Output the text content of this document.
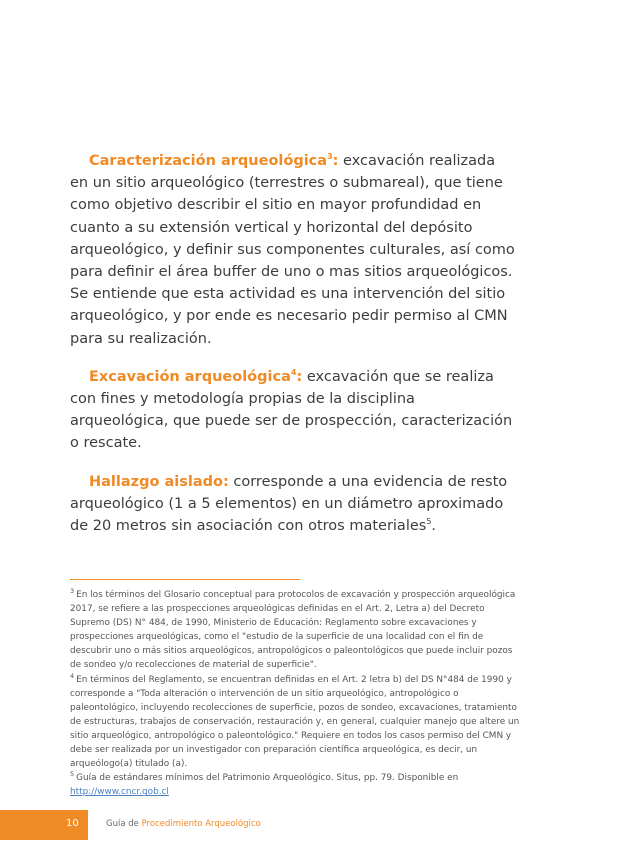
Caracterización arqueológica$^3$: excavación realizada en un sitio arqueológico (terrestres o submareal), que tiene como objetivo describir el sitio en mayor profundidad en cuanto a su extensión vertical y horizontal del depósito arqueológico, y definir sus componentes culturales, así como para definir el área buffer de uno o mas sitios arqueológicos. Se entiende que esta actividad es una intervención del sitio arqueológico, y por ende es necesario pedir permiso al CMN para su realización.

Excavación arqueológica$^4$: excavación que se realiza con fines y metodología propias de la disciplina arqueológica, que puede ser de prospección, caracterización o rescate.

Hallazgo aislado: corresponde a una evidencia de resto arqueológico (1 a 5 elementos) en un diámetro aproximado de 20 metros sin asociación con otros materiales$^5$.

$^3$ En los términos del Glosario conceptual para protocolos de excavación y prospección arqueológica 2017, se refiere a las prospecciones arqueológicas definidas en el Art. 2, Letra a) del Decreto Supremo (DS) N° 484, de 1990, Ministerio de Educación: Reglamento sobre excavaciones y prospecciones arqueológicas, como el "estudio de la superficie de una localidad con el fin de descubrir uno o más sitios arqueológicos, antropológicos o paleontológicos que puede incluir pozos de sondeo y/o recolecciones de material de superficie".

$^4$ En términos del Reglamento, se encuentran definidas en el Art. 2 letra b) del DS N°484 de 1990 y corresponde a "Toda alteración o intervención de un sitio arqueológico, antropológico o paleontológico, incluyendo recolecciones de superficie, pozos de sondeo, excavaciones, tratamiento de estructuras, trabajos de conservación, restauración y, en general, cualquier manejo que altere un sitio arqueológico, antropológico o paleontológico." Requiere en todos los casos permiso del CMN y debe ser realizada por un investigador con preparación científica arqueológica, es decir, un arqueólogo(a) titulado (a).

$^5$ Guía de estándares mínimos del Patrimonio Arqueológico. Situs, pp. 79. Disponible en http://www.cncr.gob.cl

10	Guía de Procedimiento Arqueológico
